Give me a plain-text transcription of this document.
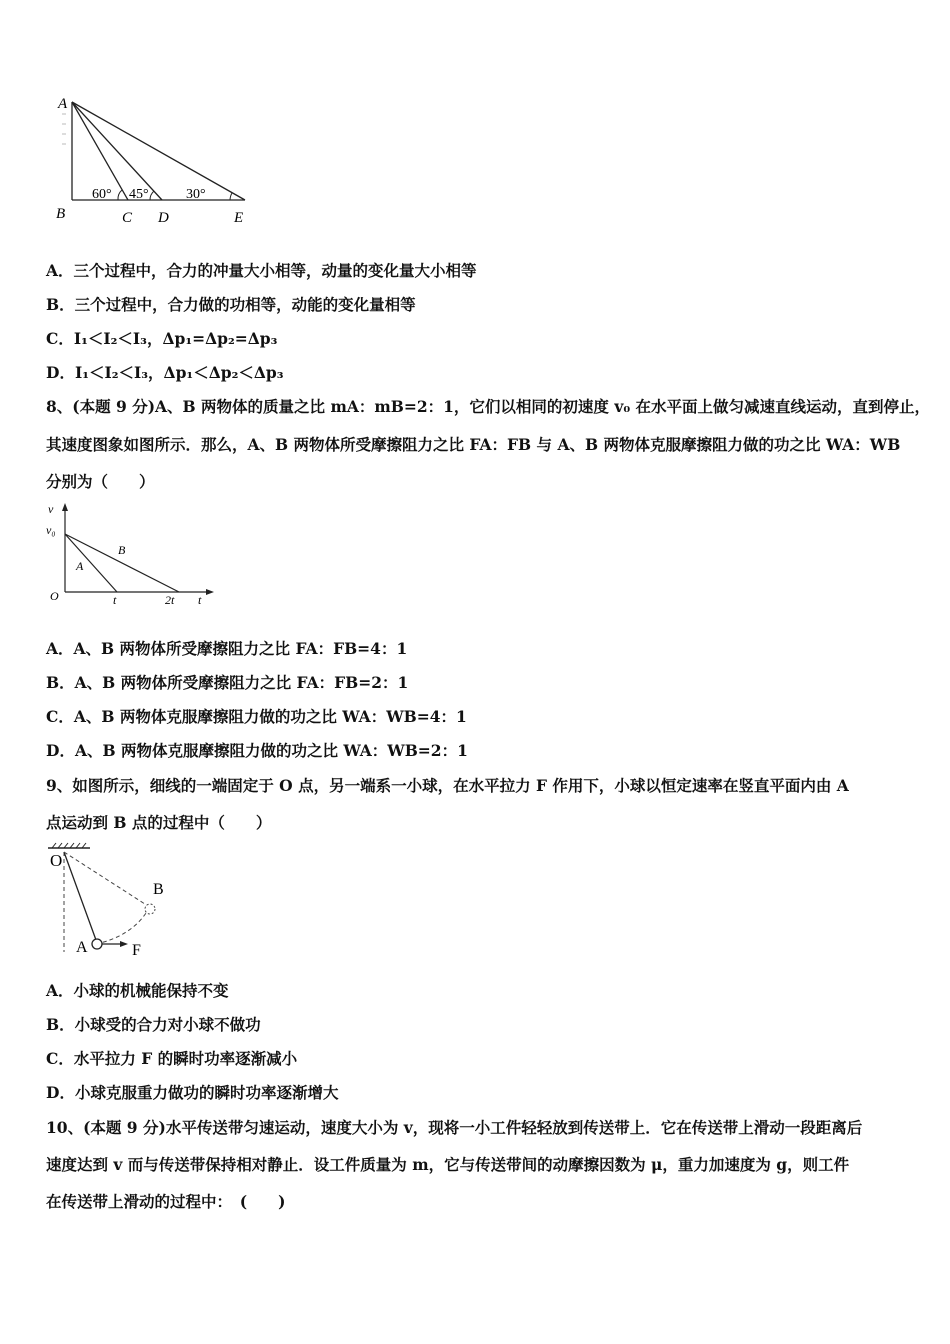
A
B	C D	E
60° 45°	30°
A．三个过程中，合力的冲量大小相等，动量的变化量大小相等
B．三个过程中，合力做的功相等，动能的变化量相等
C．I₁＜I₂＜I₃，Δp₁=Δp₂=Δp₃
D．I₁＜I₂＜I₃，Δp₁＜Δp₂＜Δp₃
8、(本题 9 分)A、B 两物体的质量之比 mA：mB=2：1，它们以相同的初速度 v₀ 在水平面上做匀减速直线运动，直到停止，
其速度图象如图所示．那么，A、B 两物体所受摩擦阻力之比 FA：FB 与 A、B 两物体克服摩擦阻力做的功之比 WA：WB
分别为（　　）
v
v₀
A
B
O	t	2t t
A．A、B 两物体所受摩擦阻力之比 FA：FB=4：1
B．A、B 两物体所受摩擦阻力之比 FA：FB=2：1
C．A、B 两物体克服摩擦阻力做的功之比 WA：WB=4：1
D．A、B 两物体克服摩擦阻力做的功之比 WA：WB=2：1
9、如图所示，细线的一端固定于 O 点，另一端系一小球，在水平拉力 F 作用下，小球以恒定速率在竖直平面内由 A
点运动到 B 点的过程中（　　）
O
A
B
F
A．小球的机械能保持不变
B．小球受的合力对小球不做功
C．水平拉力 F 的瞬时功率逐渐减小
D．小球克服重力做功的瞬时功率逐渐增大
10、(本题 9 分)水平传送带匀速运动，速度大小为 v，现将一小工件轻轻放到传送带上．它在传送带上滑动一段距离后
速度达到 v 而与传送带保持相对静止．设工件质量为 m，它与传送带间的动摩擦因数为 μ，重力加速度为 g，则工件
在传送带上滑动的过程中：　(　　)
